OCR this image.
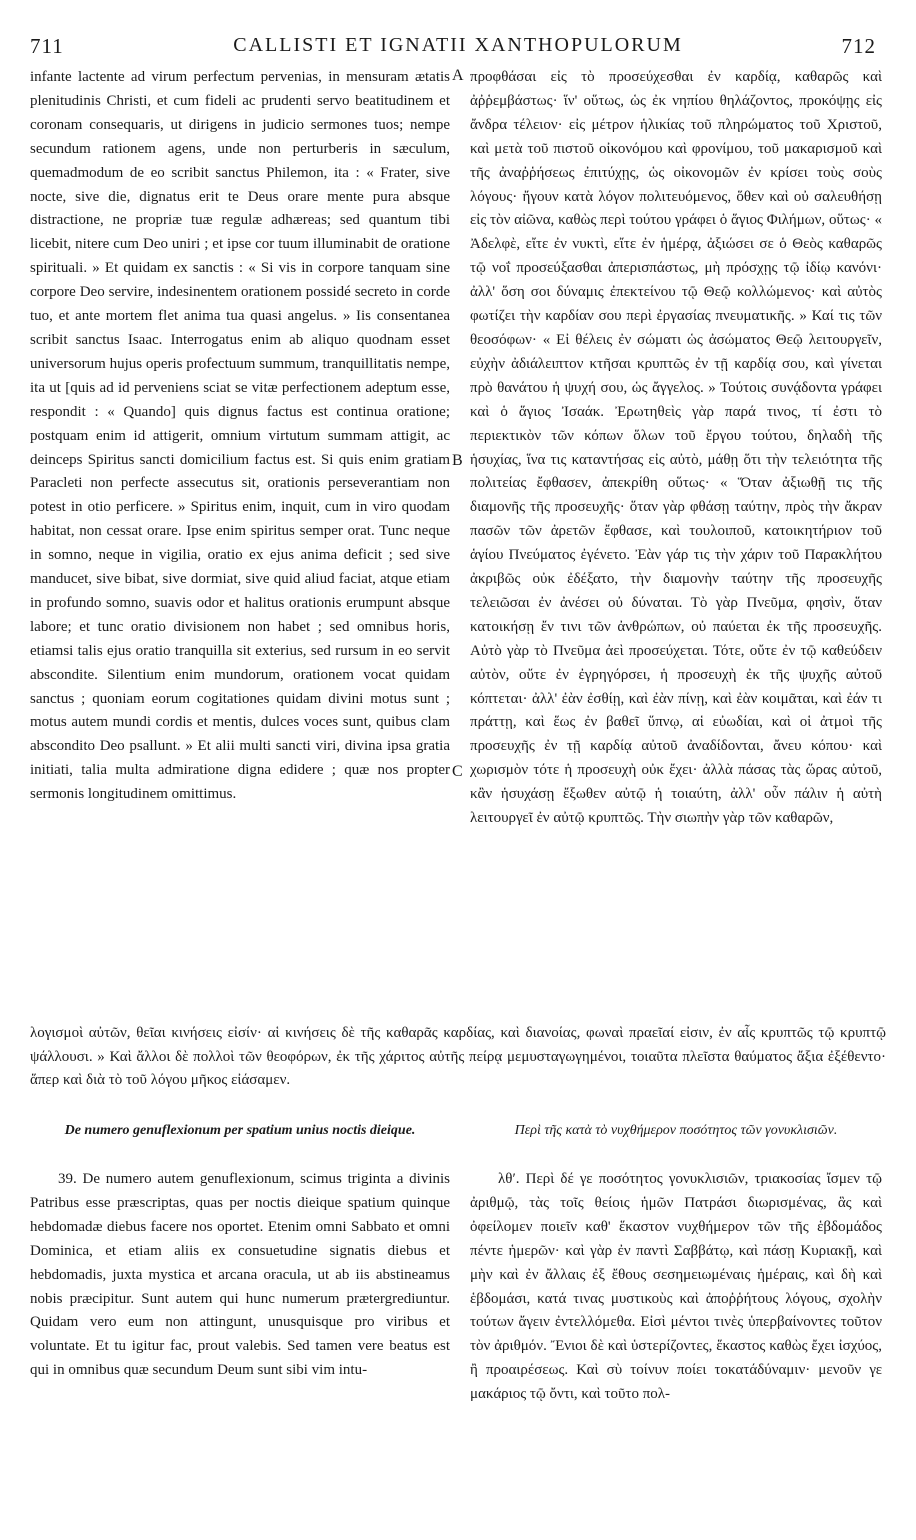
711	CALLISTI ET IGNATII XANTHOPULORUM	712

infante lactente ad virum perfectum pervenias, in mensuram ætatis plenitudinis Christi, et cum fideli ac prudenti servo beatitudinem et coronam consequaris, ut dirigens in judicio sermones tuos; nempe secundum rationem agens, unde non perturberis in sæculum, quemadmodum de eo scribit sanctus Philemon, ita : « Frater, sive nocte, sive die, dignatus erit te Deus orare mente pura absque distractione, ne propriæ tuæ regulæ adhæreas; sed quantum tibi licebit, nitere cum Deo uniri ; et ipse cor tuum illuminabit de oratione spirituali. » Et quidam ex sanctis : « Si vis in corpore tanquam sine corpore Deo servire, indesinentem orationem possidé secreto in corde tuo, et ante mortem flet anima tua quasi angelus. » Iis consentanea scribit sanctus Isaac. Interrogatus enim ab aliquo quodnam esset universorum hujus operis profectuum summum, tranquillitatis nempe, ita ut [quis ad id perveniens sciat se vitæ perfectionem adeptum esse, respondit : « Quando] quis dignus factus est continua oratione; postquam enim id attigerit, omnium virtutum summam attigit, ac deinceps Spiritus sancti domicilium factus est. Si quis enim gratiam Paracleti non perfecte assecutus sit, orationis perseverantiam non potest in otio perficere. » Spiritus enim, inquit, cum in viro quodam habitat, non cessat orare. Ipse enim spiritus semper orat. Tunc neque in somno, neque in vigilia, oratio ex ejus anima deficit ; sed sive manducet, sive bibat, sive dormiat, sive quid aliud faciat, atque etiam in profundo somno, suavis odor et halitus orationis erumpunt absque labore; et tunc oratio divisionem non habet ; sed omnibus horis, etiamsi talis ejus oratio tranquilla sit exterius, sed rursum in eo servit abscondite. Silentium enim mundorum, orationem vocat quidam sanctus ; quoniam eorum cogitationes quidam divini motus sunt ; motus autem mundi cordis et mentis, dulces voces sunt, quibus clam abscondito Deo psallunt. » Et alii multi sancti viri, divina ipsa gratia initiati, talia multa admiratione digna edidere ; quæ nos propter sermonis longitudinem omittimus.

A
B
C

προφθάσαι εἰς τὸ προσεύχεσθαι ἐν καρδίᾳ, καθαρῶς καὶ ἀῤῥεμβάστως· ἵν' οὕτως, ὡς ἐκ νηπίου θηλάζοντος, προκόψῃς εἰς ἄνδρα τέλειον· εἰς μέτρον ἡλικίας τοῦ πληρώματος τοῦ Χριστοῦ, καὶ μετὰ τοῦ πιστοῦ οἰκονόμου καὶ φρονίμου, τοῦ μακαρισμοῦ καὶ τῆς ἀναῤῥήσεως ἐπιτύχῃς, ὡς οἰκονομῶν ἐν κρίσει τοὺς σοὺς λόγους· ἤγουν κατὰ λόγον πολιτευόμενος, ὅθεν καὶ οὐ σαλευθήσῃ εἰς τὸν αἰῶνα, καθὼς περὶ τούτου γράφει ὁ ἅγιος Φιλήμων, οὕτως· « Ἀδελφὲ, εἴτε ἐν νυκτὶ, εἴτε ἐν ἡμέρᾳ, ἀξιώσει σε ὁ Θεὸς καθαρῶς τῷ νοΐ προσεύξασθαι ἀπερισπάστως, μὴ πρόσχῃς τῷ ἰδίῳ κανόνι· ἀλλ' ὅση σοι δύναμις ἐπεκτείνου τῷ Θεῷ κολλώμενος· καὶ αὐτὸς φωτίζει τὴν καρδίαν σου περὶ ἐργασίας πνευματικῆς. » Καί τις τῶν θεοσόφων· « Εἰ θέλεις ἐν σώματι ὡς ἀσώματος Θεῷ λειτουργεῖν, εὐχὴν ἀδιάλειπτον κτῆσαι κρυπτῶς ἐν τῇ καρδίᾳ σου, καὶ γίνεται πρὸ θανάτου ἡ ψυχή σου, ὡς ἄγγελος. » Τούτοις συνᾴδοντα γράφει καὶ ὁ ἅγιος Ἰσαάκ. Ἐρωτηθεὶς γὰρ παρά τινος, τί ἐστι τὸ περιεκτικὸν τῶν κόπων ὅλων τοῦ ἔργου τούτου, δηλαδὴ τῆς ἡσυχίας, ἵνα τις καταντήσας εἰς αὐτὸ, μάθῃ ὅτι τὴν τελειότητα τῆς πολιτείας ἔφθασεν, ἀπεκρίθη οὕτως· « Ὅταν ἀξιωθῇ τις τῆς διαμονῆς τῆς προσευχῆς· ὅταν γὰρ φθάσῃ ταύτην, πρὸς τὴν ἄκραν πασῶν τῶν ἀρετῶν ἔφθασε, καὶ τουλοιποῦ, κατοικητήριον τοῦ ἁγίου Πνεύματος ἐγένετο. Ἐὰν γάρ τις τὴν χάριν τοῦ Παρακλήτου ἀκριβῶς οὐκ ἐδέξατο, τὴν διαμονὴν ταύτην τῆς προσευχῆς τελειῶσαι ἐν ἀνέσει οὐ δύναται. Τὸ γὰρ Πνεῦμα, φησὶν, ὅταν κατοικήσῃ ἔν τινι τῶν ἀνθρώπων, οὐ παύεται ἐκ τῆς προσευχῆς. Αὐτὸ γὰρ τὸ Πνεῦμα ἀεὶ προσεύχεται. Τότε, οὔτε ἐν τῷ καθεύδειν αὐτὸν, οὔτε ἐν ἐγρηγόρσει, ἡ προσευχὴ ἐκ τῆς ψυχῆς αὐτοῦ κόπτεται· ἀλλ' ἐὰν ἐσθίῃ, καὶ ἐὰν πίνῃ, καὶ ἐὰν κοιμᾶται, καὶ ἐάν τι πράττῃ, καὶ ἕως ἐν βαθεῖ ὕπνῳ, αἱ εὐωδίαι, καὶ οἱ ἀτμοὶ τῆς προσευχῆς ἐν τῇ καρδίᾳ αὐτοῦ ἀναδίδονται, ἄνευ κόπου· καὶ χωρισμὸν τότε ἡ προσευχὴ οὐκ ἔχει· ἀλλὰ πάσας τὰς ὥρας αὐτοῦ, κἂν ἡσυχάσῃ ἔξωθεν αὐτῷ ἡ τοιαύτη, ἀλλ' οὖν πάλιν ἡ αὐτὴ λειτουργεῖ ἐν αὐτῷ κρυπτῶς. Τὴν σιωπὴν γὰρ τῶν καθαρῶν,

λογισμοὶ αὐτῶν, θεῖαι κινήσεις εἰσίν· αἱ κινήσεις δὲ τῆς καθαρᾶς καρδίας, καὶ διανοίας, φωναὶ πραεῖαί εἰσιν, ἐν αἷς κρυπτῶς τῷ κρυπτῷ ψάλλουσι. » Καὶ ἄλλοι δὲ πολλοὶ τῶν θεοφόρων, ἐκ τῆς χάριτος αὐτῆς πείρᾳ μεμυσταγωγημένοι, τοιαῦτα πλεῖστα θαύματος ἄξια ἐξέθεντο· ἅπερ καὶ διὰ τὸ τοῦ λόγου μῆκος εἰάσαμεν.
De numero genuflexionum per spatium unius noctis dieique.	Περὶ τῆς κατὰ τὸ νυχθήμερον ποσότητος τῶν γονυκλισιῶν.

39. De numero autem genuflexionum, scimus triginta a divinis Patribus esse præscriptas, quas per noctis dieique spatium quinque hebdomadæ diebus facere nos oportet. Etenim omni Sabbato et omni Dominica, et etiam aliis ex consuetudine signatis diebus et hebdomadis, juxta mystica et arcana oracula, ut ab iis abstineamus nobis præcipitur. Sunt autem qui hunc numerum prætergrediuntur. Quidam vero eum non attingunt, unusquisque pro viribus et voluntate. Et tu igitur fac, prout valebis. Sed tamen vere beatus est qui in omnibus quæ secundum Deum sunt sibi vim intu-

λθʹ. Περὶ δέ γε ποσότητος γονυκλισιῶν, τριακοσίας ἴσμεν τῷ ἀριθμῷ, τὰς τοῖς θείοις ἡμῶν Πατράσι διωρισμένας, ἃς καὶ ὀφείλομεν ποιεῖν καθ' ἕκαστον νυχθήμερον τῶν τῆς ἑβδομάδος πέντε ἡμερῶν· καὶ γὰρ ἐν παντὶ Σαββάτῳ, καὶ πάσῃ Κυριακῇ, καὶ μὴν καὶ ἐν ἄλλαις ἐξ ἔθους σεσημειωμέναις ἡμέραις, καὶ δὴ καὶ ἑβδομάσι, κατά τινας μυστικοὺς καὶ ἀποῤῥήτους λόγους, σχολὴν τούτων ἄγειν ἐντελλόμεθα. Εἰσὶ μέντοι τινὲς ὑπερβαίνοντες τοῦτον τὸν ἀριθμόν. Ἔνιοι δὲ καὶ ὑστερίζοντες, ἕκαστος καθὼς ἔχει ἰσχύος, ἢ προαιρέσεως. Καὶ σὺ τοίνυν ποίει τοκατάδύναμιν· μενοῦν γε μακάριος τῷ ὄντι, καὶ τοῦτο πολ-
